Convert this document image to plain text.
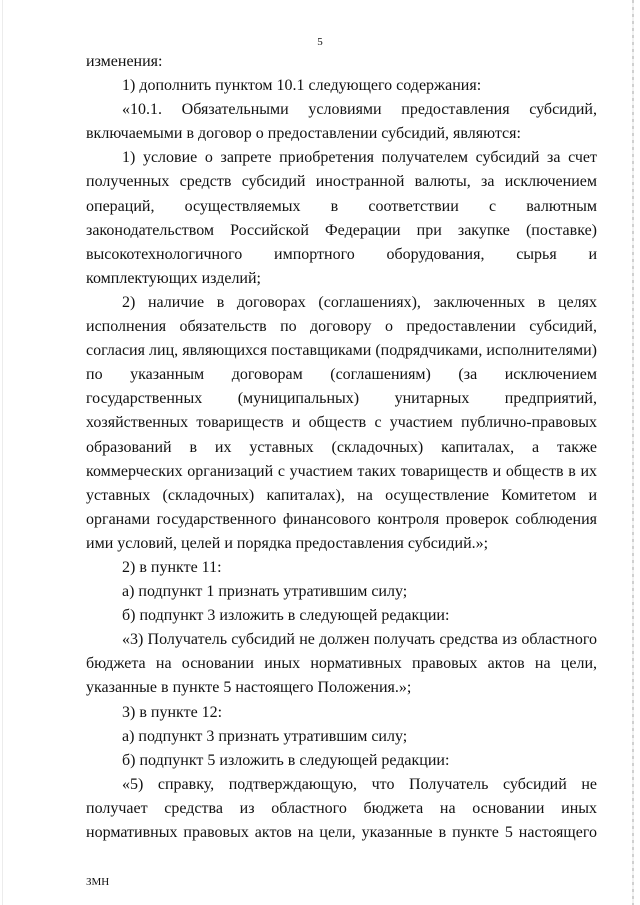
5

изменения:

1) дополнить пунктом 10.1 следующего содержания:

«10.1. Обязательными условиями предоставления субсидий, включаемыми в договор о предоставлении субсидий, являются:

1) условие о запрете приобретения получателем субсидий за счет полученных средств субсидий иностранной валюты, за исключением операций, осуществляемых в соответствии с валютным законодательством Российской Федерации при закупке (поставке) высокотехнологичного импортного оборудования, сырья и комплектующих изделий;

2) наличие в договорах (соглашениях), заключенных в целях исполнения обязательств по договору о предоставлении субсидий, согласия лиц, являющихся поставщиками (подрядчиками, исполнителями) по указанным договорам (соглашениям) (за исключением государственных (муниципальных) унитарных предприятий, хозяйственных товариществ и обществ с участием публично-правовых образований в их уставных (складочных) капиталах, а также коммерческих организаций с участием таких товариществ и обществ в их уставных (складочных) капиталах), на осуществление Комитетом и органами государственного финансового контроля проверок соблюдения ими условий, целей и порядка предоставления субсидий.»;

2) в пункте 11:

а) подпункт 1 признать утратившим силу;

б) подпункт 3 изложить в следующей редакции:

«3) Получатель субсидий не должен получать средства из областного бюджета на основании иных нормативных правовых актов на цели, указанные в пункте 5 настоящего Положения.»;

3) в пункте 12:

а) подпункт 3 признать утратившим силу;

б) подпункт 5 изложить в следующей редакции:

«5) справку, подтверждающую, что Получатель субсидий не получает средства из областного бюджета на основании иных нормативных правовых актов на цели, указанные в пункте 5 настоящего

ЗМН
